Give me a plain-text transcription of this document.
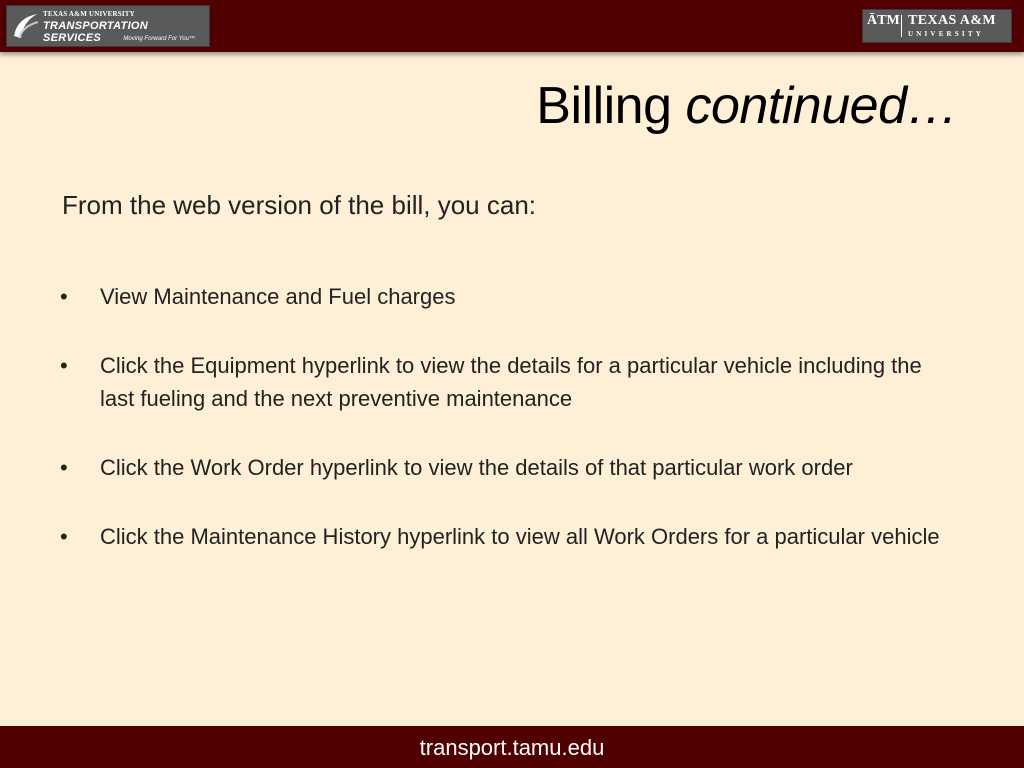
TEXAS A&M UNIVERSITY
TRANSPORTATION SERVICES	Moving Forward For You™
ĀTM TEXAS A&M
UNIVERSITY
Billing continued…
From the web version of the bill, you can:
• View Maintenance and Fuel charges
• Click the Equipment hyperlink to view the details for a particular vehicle including the last fueling and the next preventive maintenance
• Click the Work Order hyperlink to view the details of that particular work order
• Click the Maintenance History hyperlink to view all Work Orders for a particular vehicle
transport.tamu.edu
